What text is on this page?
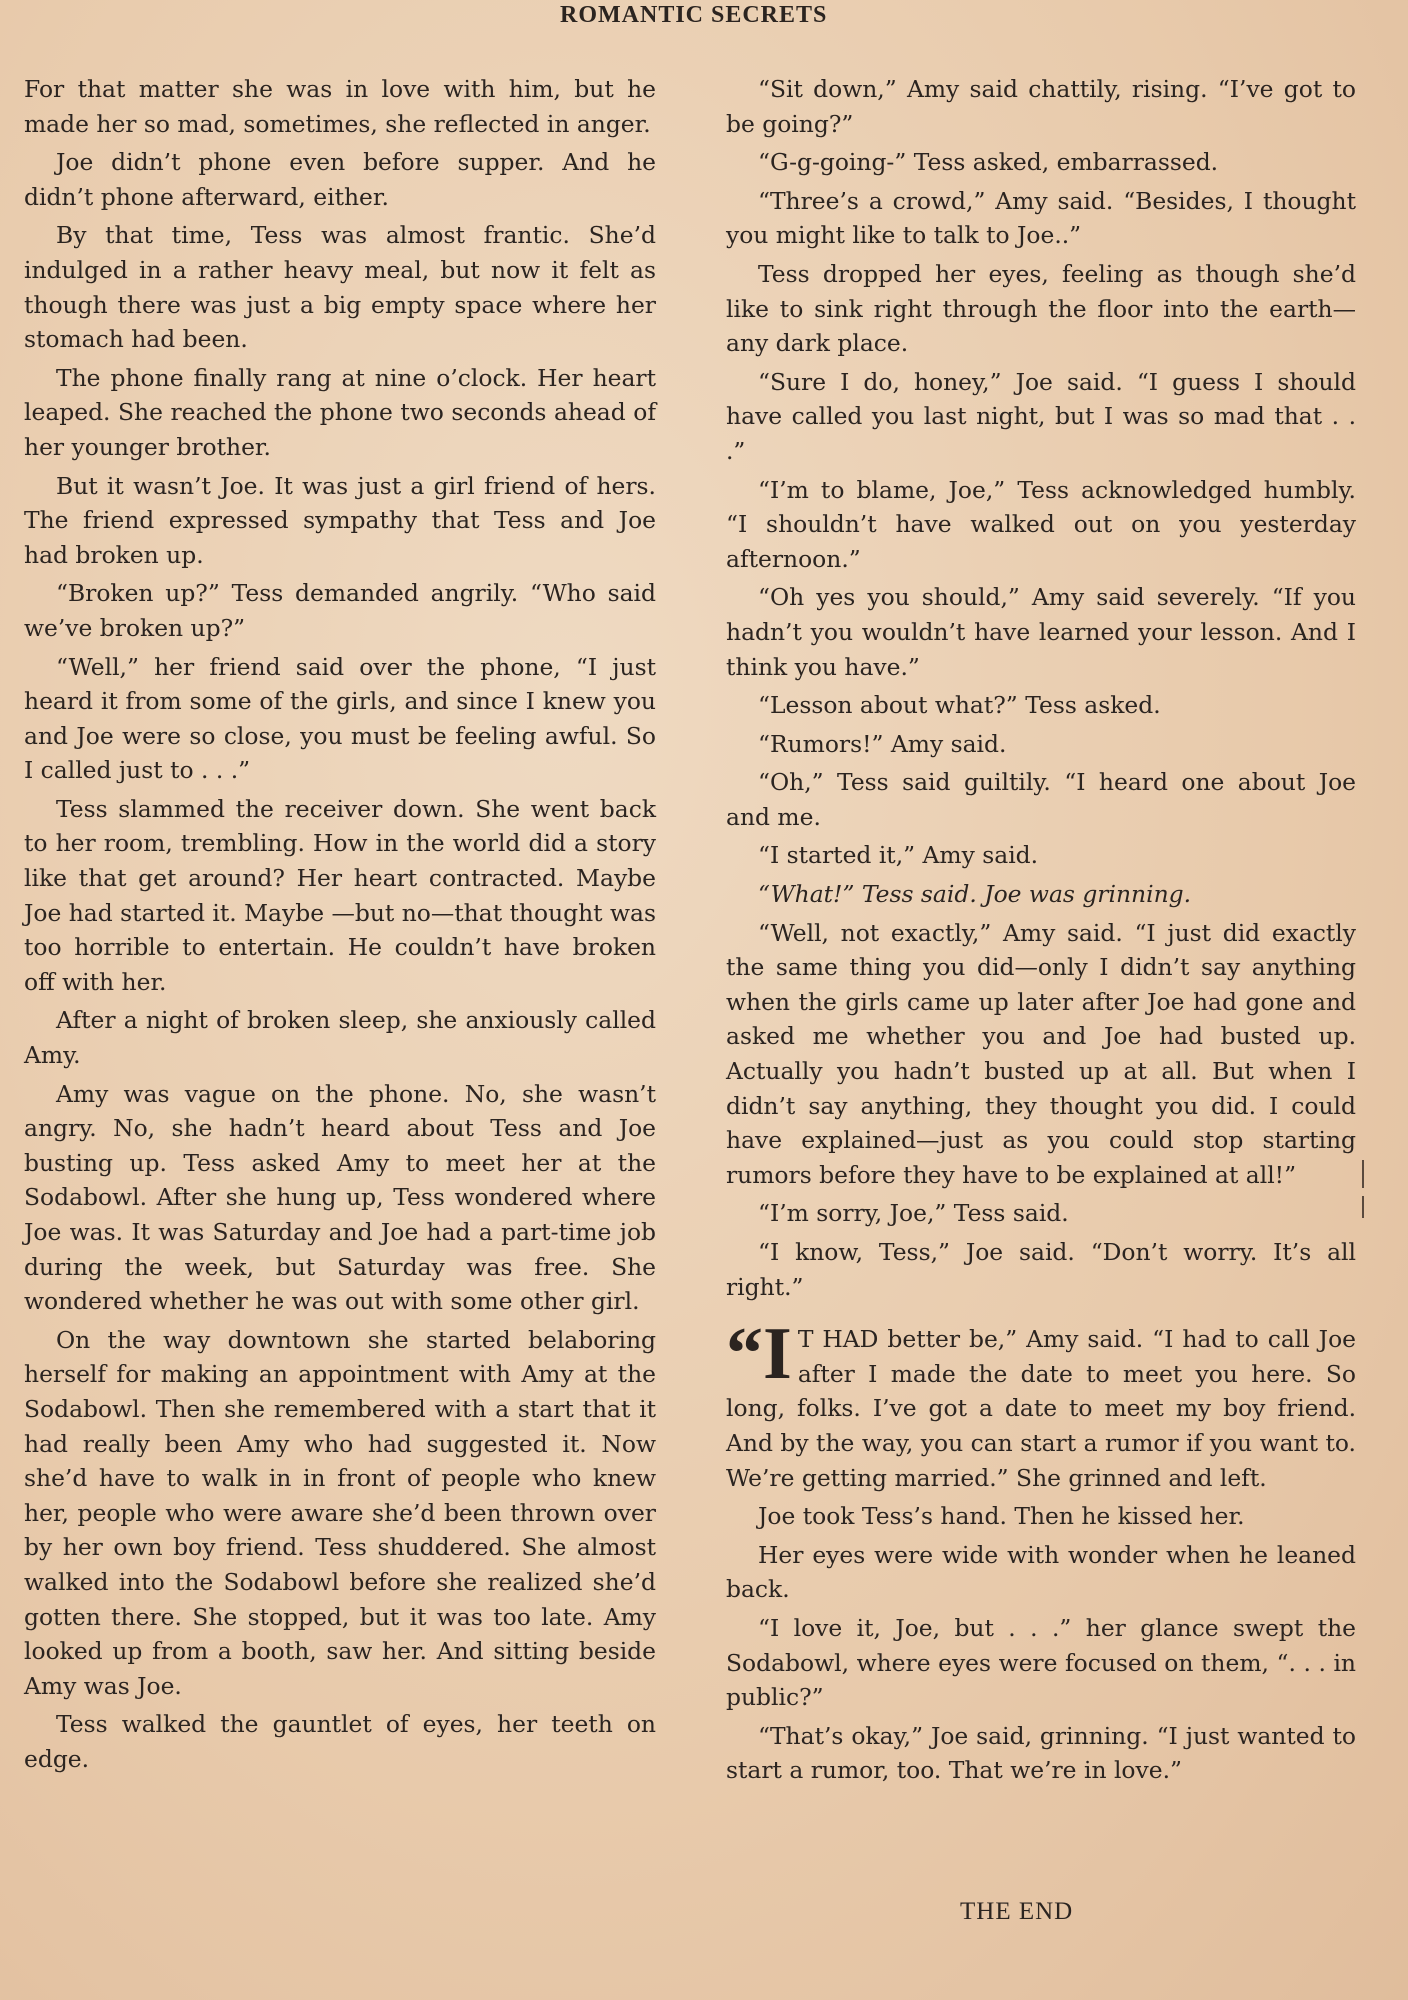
ROMANTIC SECRETS

For that matter she was in love with him, but he made her so mad, sometimes, she reflected in anger.

Joe didn’t phone even before supper. And he didn’t phone afterward, either.

By that time, Tess was almost frantic. She’d indulged in a rather heavy meal, but now it felt as though there was just a big empty space where her stomach had been.

The phone finally rang at nine o’clock. Her heart leaped. She reached the phone two seconds ahead of her younger brother.

But it wasn’t Joe. It was just a girl friend of hers. The friend expressed sympathy that Tess and Joe had broken up.

“Broken up?” Tess demanded angrily. “Who said we’ve broken up?”

“Well,” her friend said over the phone, “I just heard it from some of the girls, and since I knew you and Joe were so close, you must be feeling awful. So I called just to . . .”

Tess slammed the receiver down. She went back to her room, trembling. How in the world did a story like that get around? Her heart contracted. Maybe Joe had started it. Maybe —but no—that thought was too horrible to entertain. He couldn’t have broken off with her.

After a night of broken sleep, she anxiously called Amy.

Amy was vague on the phone. No, she wasn’t angry. No, she hadn’t heard about Tess and Joe busting up. Tess asked Amy to meet her at the Sodabowl. After she hung up, Tess wondered where Joe was. It was Saturday and Joe had a part-time job during the week, but Saturday was free. She wondered whether he was out with some other girl.

On the way downtown she started belaboring herself for making an appointment with Amy at the Sodabowl. Then she remembered with a start that it had really been Amy who had suggested it. Now she’d have to walk in in front of people who knew her, people who were aware she’d been thrown over by her own boy friend. Tess shuddered. She almost walked into the Sodabowl before she realized she’d gotten there. She stopped, but it was too late. Amy looked up from a booth, saw her. And sitting beside Amy was Joe.

Tess walked the gauntlet of eyes, her teeth on edge.

“Sit down,” Amy said chattily, rising. “I’ve got to be going?”

“G-g-going-” Tess asked, embarrassed.

“Three’s a crowd,” Amy said. “Besides, I thought you might like to talk to Joe..”

Tess dropped her eyes, feeling as though she’d like to sink right through the floor into the earth—any dark place.

“Sure I do, honey,” Joe said. “I guess I should have called you last night, but I was so mad that . . .”

“I’m to blame, Joe,” Tess acknowledged humbly. “I shouldn’t have walked out on you yesterday afternoon.”

“Oh yes you should,” Amy said severely. “If you hadn’t you wouldn’t have learned your lesson. And I think you have.”

“Lesson about what?” Tess asked.

“Rumors!” Amy said.

“Oh,” Tess said guiltily. “I heard one about Joe and me.

“I started it,” Amy said.

“What!” Tess said. Joe was grinning.

“Well, not exactly,” Amy said. “I just did exactly the same thing you did—only I didn’t say anything when the girls came up later after Joe had gone and asked me whether you and Joe had busted up. Actually you hadn’t busted up at all. But when I didn’t say anything, they thought you did. I could have explained—just as you could stop starting rumors before they have to be explained at all!”

“I’m sorry, Joe,” Tess said.

“I know, Tess,” Joe said. “Don’t worry. It’s all right.”

“I T HAD better be,” Amy said. “I had to call Joe after I made the date to meet you here. So long, folks. I’ve got a date to meet my boy friend. And by the way, you can start a rumor if you want to. We’re getting married.” She grinned and left.

Joe took Tess’s hand. Then he kissed her.

Her eyes were wide with wonder when he leaned back.

“I love it, Joe, but . . .” her glance swept the Sodabowl, where eyes were focused on them, “. . . in public?”

“That’s okay,” Joe said, grinning. “I just wanted to start a rumor, too. That we’re in love.”

THE END
